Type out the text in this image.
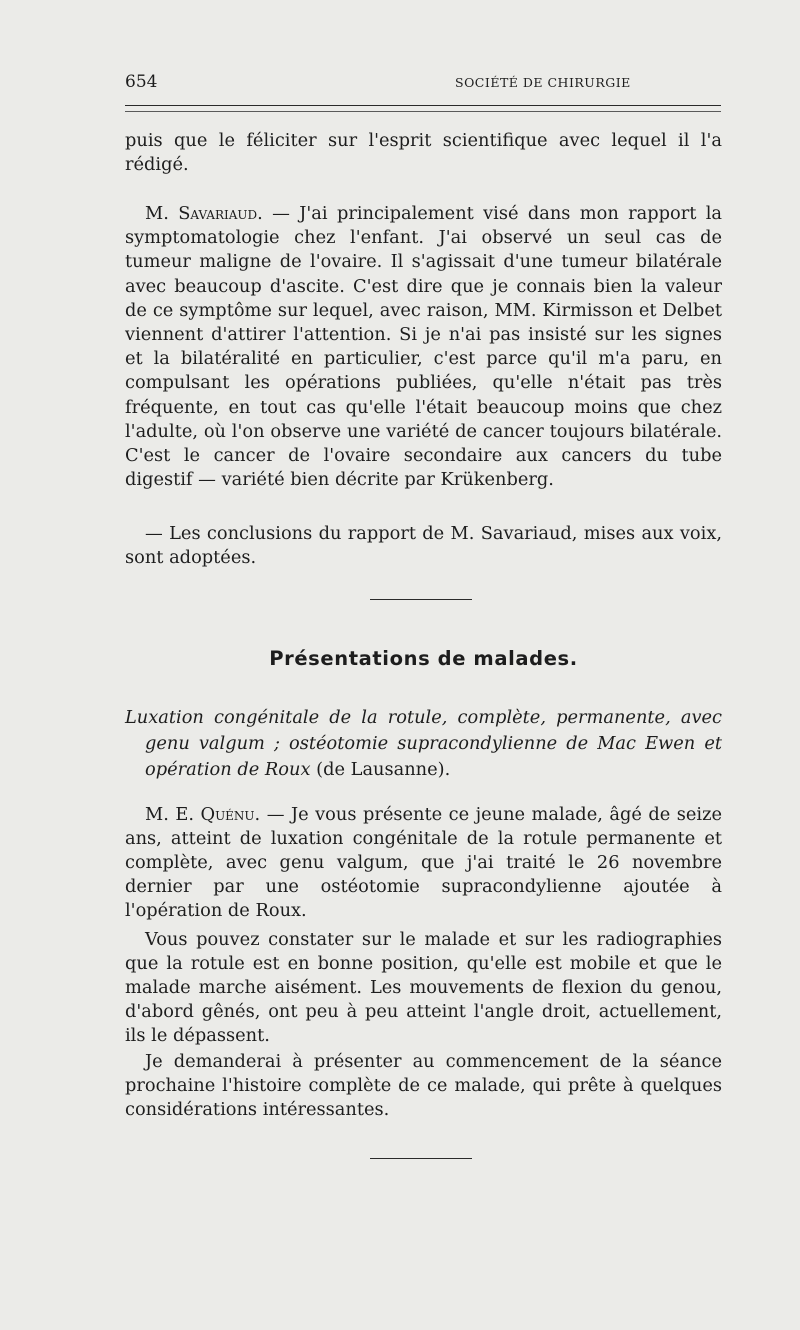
654	SOCIÉTÉ DE CHIRURGIE

puis que le féliciter sur l'esprit scientifique avec lequel il l'a rédigé.

M. Savariaud. — J'ai principalement visé dans mon rapport la symptomatologie chez l'enfant. J'ai observé un seul cas de tumeur maligne de l'ovaire. Il s'agissait d'une tumeur bilatérale avec beaucoup d'ascite. C'est dire que je connais bien la valeur de ce symptôme sur lequel, avec raison, MM. Kirmisson et Delbet viennent d'attirer l'attention. Si je n'ai pas insisté sur les signes et la bilatéralité en particulier, c'est parce qu'il m'a paru, en compulsant les opérations publiées, qu'elle n'était pas très fréquente, en tout cas qu'elle l'était beaucoup moins que chez l'adulte, où l'on observe une variété de cancer toujours bilatérale. C'est le cancer de l'ovaire secondaire aux cancers du tube digestif — variété bien décrite par Krükenberg.

— Les conclusions du rapport de M. Savariaud, mises aux voix, sont adoptées.

Présentations de malades.

Luxation congénitale de la rotule, complète, permanente, avec genu valgum ; ostéotomie supracondylienne de Mac Ewen et opération de Roux (de Lausanne).

M. E. Quénu. — Je vous présente ce jeune malade, âgé de seize ans, atteint de luxation congénitale de la rotule permanente et complète, avec genu valgum, que j'ai traité le 26 novembre dernier par une ostéotomie supracondylienne ajoutée à l'opération de Roux.

Vous pouvez constater sur le malade et sur les radiographies que la rotule est en bonne position, qu'elle est mobile et que le malade marche aisément. Les mouvements de flexion du genou, d'abord gênés, ont peu à peu atteint l'angle droit, actuellement, ils le dépassent.

Je demanderai à présenter au commencement de la séance prochaine l'histoire complète de ce malade, qui prête à quelques considérations intéressantes.
